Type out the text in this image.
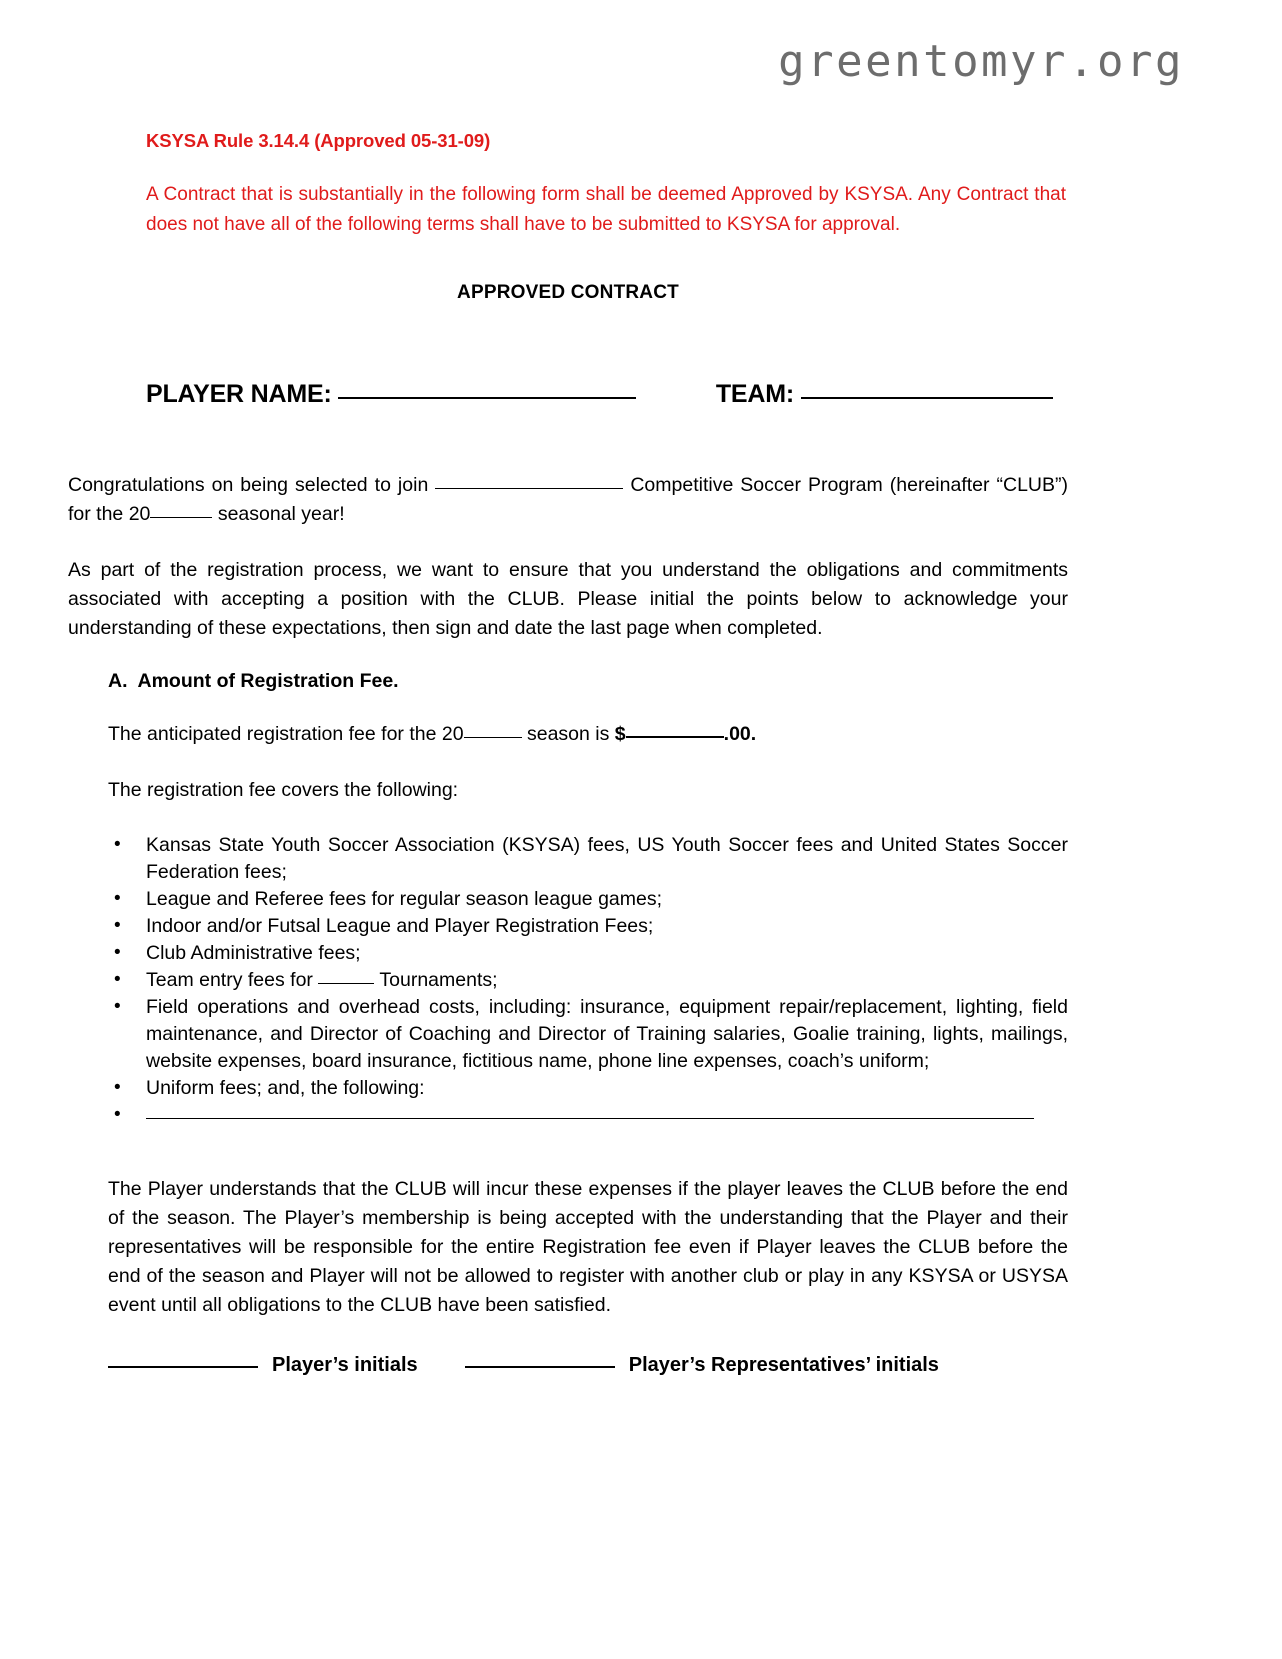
greentomyr.org
KSYSA Rule 3.14.4 (Approved 05-31-09)
A Contract that is substantially in the following form shall be deemed Approved by KSYSA. Any Contract that does not have all of the following terms shall have to be submitted to KSYSA for approval.
APPROVED CONTRACT
PLAYER NAME:	TEAM:

Congratulations on being selected to join	Competitive Soccer Program (hereinafter “CLUB”) for the 20	seasonal year!

As part of the registration process, we want to ensure that you understand the obligations and commitments associated with accepting a position with the CLUB. Please initial the points below to acknowledge your understanding of these expectations, then sign and date the last page when completed.

A. Amount of Registration Fee.
The anticipated registration fee for the 20	season is $	.00.
The registration fee covers the following:
• Kansas State Youth Soccer Association (KSYSA) fees, US Youth Soccer fees and United States Soccer Federation fees;
• League and Referee fees for regular season league games;
• Indoor and/or Futsal League and Player Registration Fees;
• Club Administrative fees;
• Team entry fees for	Tournaments;
• Field operations and overhead costs, including: insurance, equipment repair/replacement, lighting, field maintenance, and Director of Coaching and Director of Training salaries, Goalie training, lights, mailings, website expenses, board insurance, fictitious name, phone line expenses, coach’s uniform;
• Uniform fees; and, the following:
•

The Player understands that the CLUB will incur these expenses if the player leaves the CLUB before the end of the season. The Player’s membership is being accepted with the understanding that the Player and their representatives will be responsible for the entire Registration fee even if Player leaves the CLUB before the end of the season and Player will not be allowed to register with another club or play in any KSYSA or USYSA event until all obligations to the CLUB have been satisfied.

Player’s initials	Player’s Representatives’ initials
